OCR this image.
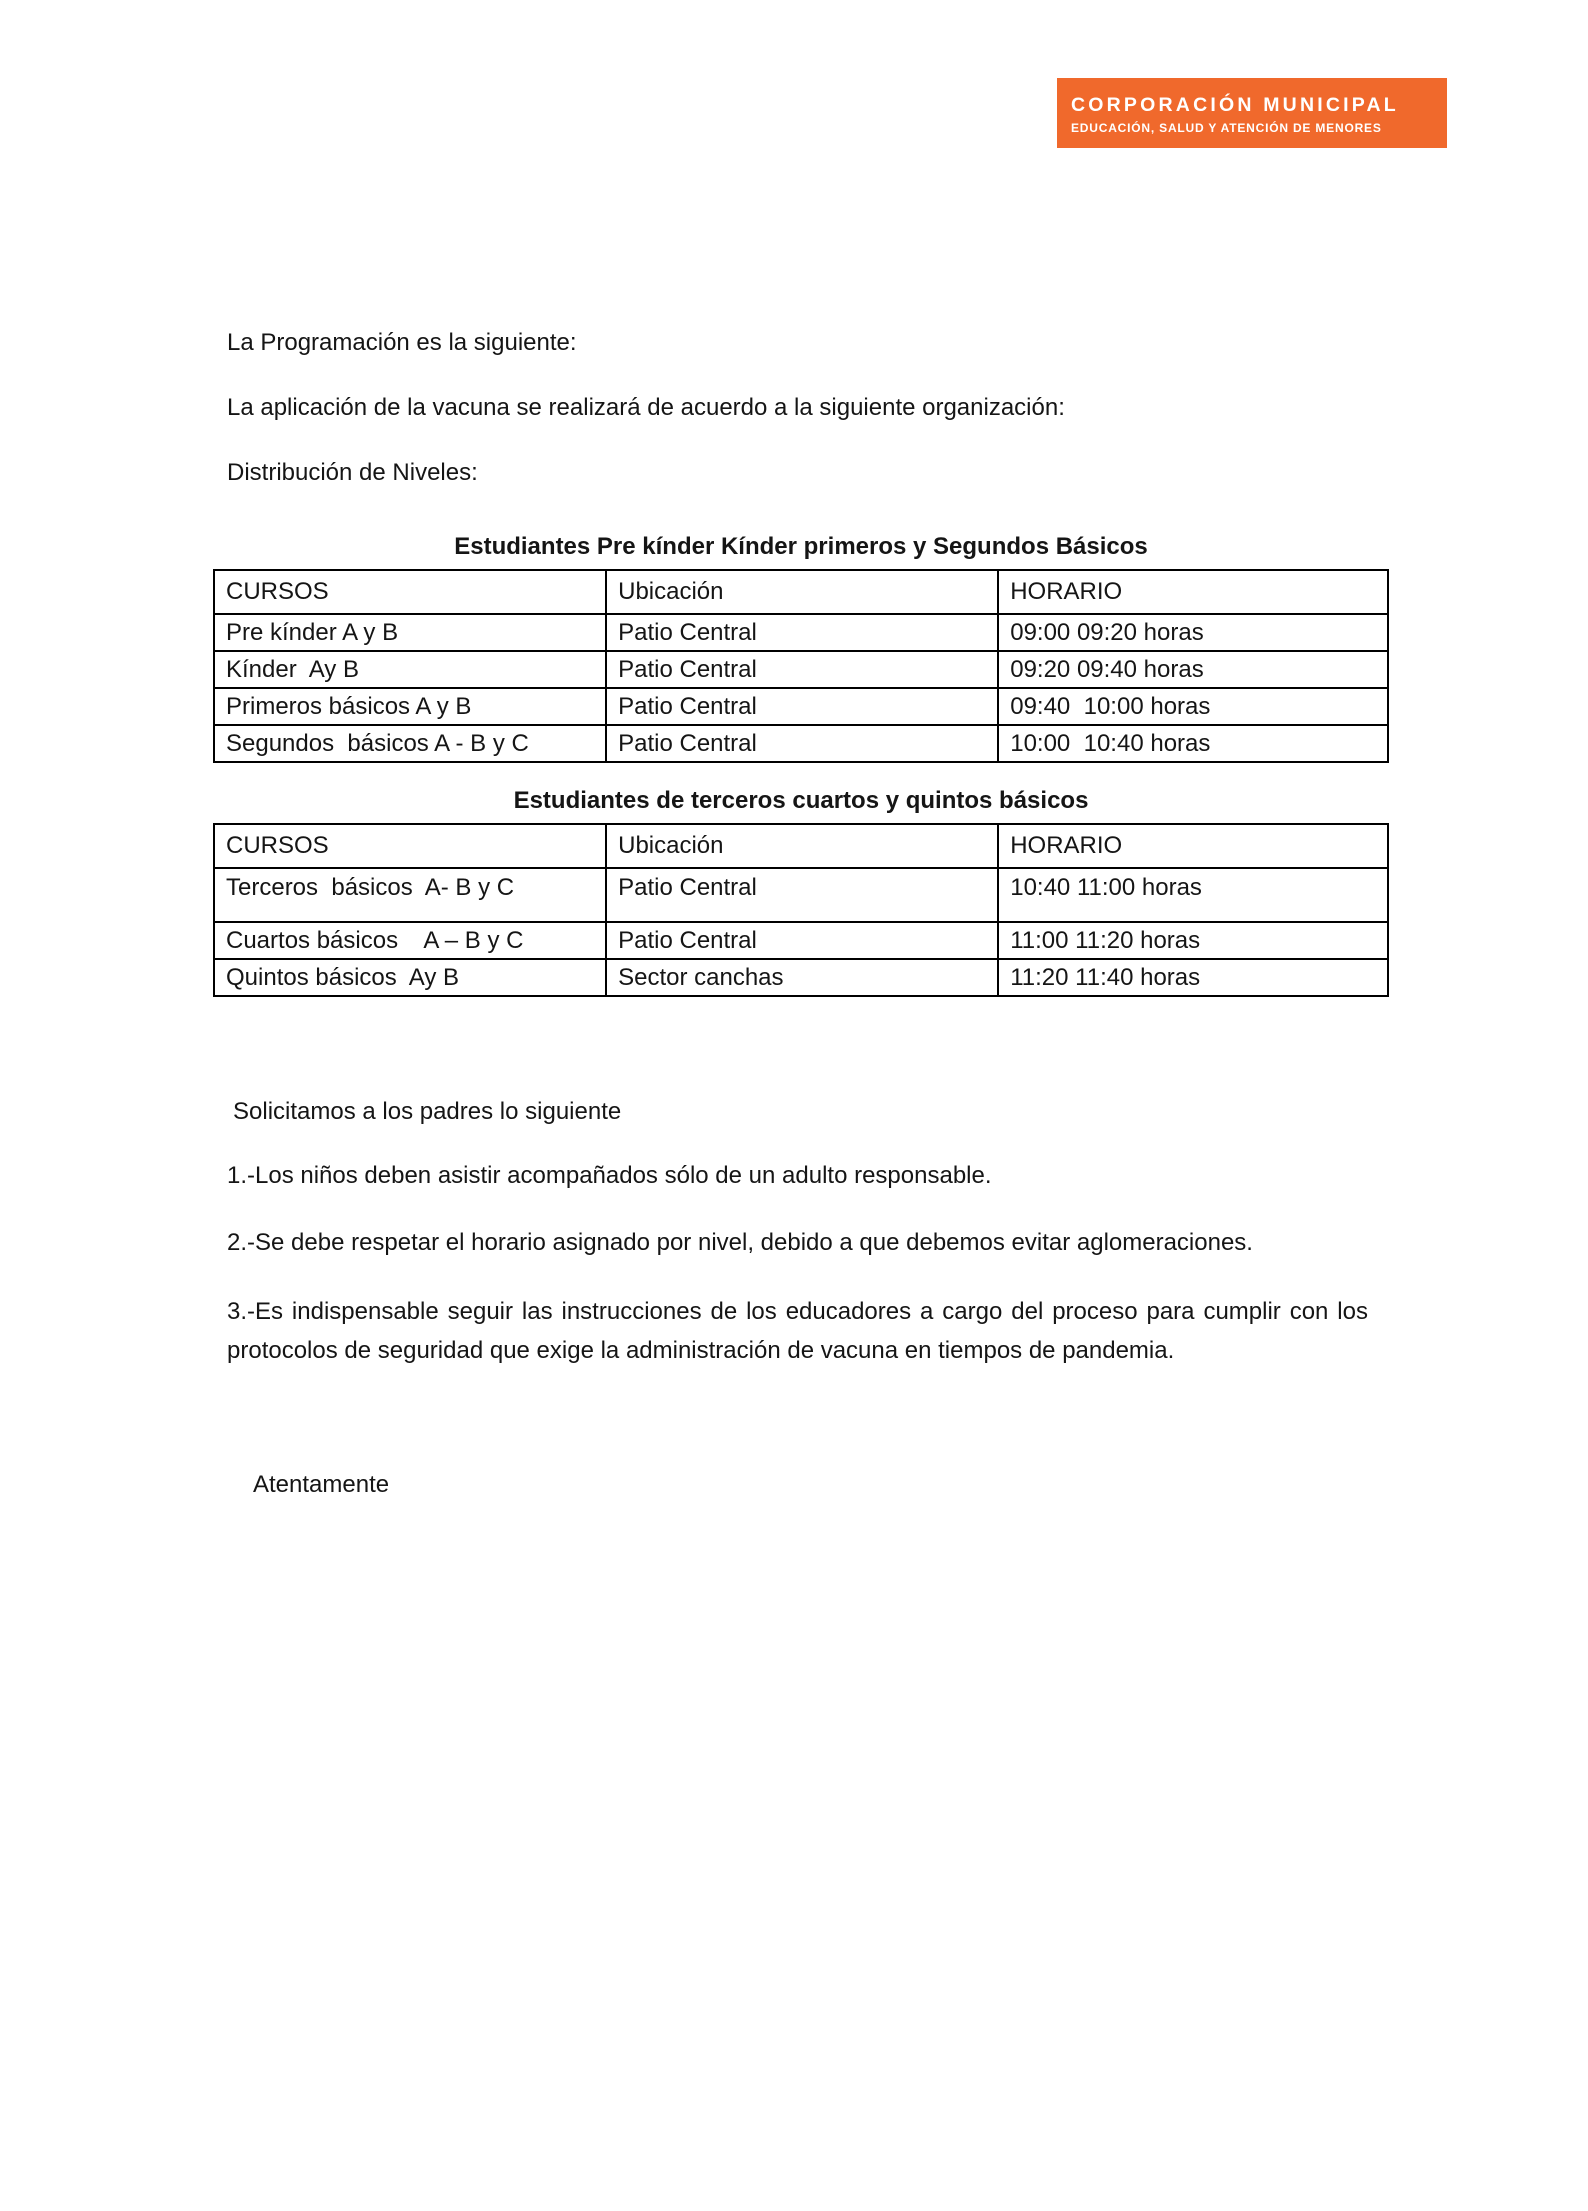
CORPORACIÓN MUNICIPAL
EDUCACIÓN, SALUD Y ATENCIÓN DE MENORES
La Programación es la siguiente:
La aplicación de la vacuna se realizará de acuerdo a la siguiente organización:
Distribución de Niveles:
Estudiantes Pre kínder Kínder primeros y Segundos Básicos
CURSOS	Ubicación	HORARIO
Pre kínder A y B	Patio Central	09:00 09:20 horas
Kínder  Ay B	Patio Central	09:20 09:40 horas
Primeros básicos A y B	Patio Central	09:40  10:00 horas
Segundos  básicos A - B y C	Patio Central	10:00  10:40 horas
Estudiantes de terceros cuartos y quintos básicos
CURSOS	Ubicación	HORARIO
Terceros  básicos  A- B y C	Patio Central	10:40 11:00 horas
Cuartos básicos    A – B y C	Patio Central	11:00 11:20 horas
Quintos básicos  Ay B	Sector canchas	11:20 11:40 horas
Solicitamos a los padres lo siguiente
1.-Los niños deben asistir acompañados sólo de un adulto responsable.
2.-Se debe respetar el horario asignado por nivel, debido a que debemos evitar aglomeraciones.
3.-Es indispensable seguir las instrucciones de los educadores a cargo del proceso para cumplir con los protocolos de seguridad que exige la administración de vacuna en tiempos de pandemia.
Atentamente
